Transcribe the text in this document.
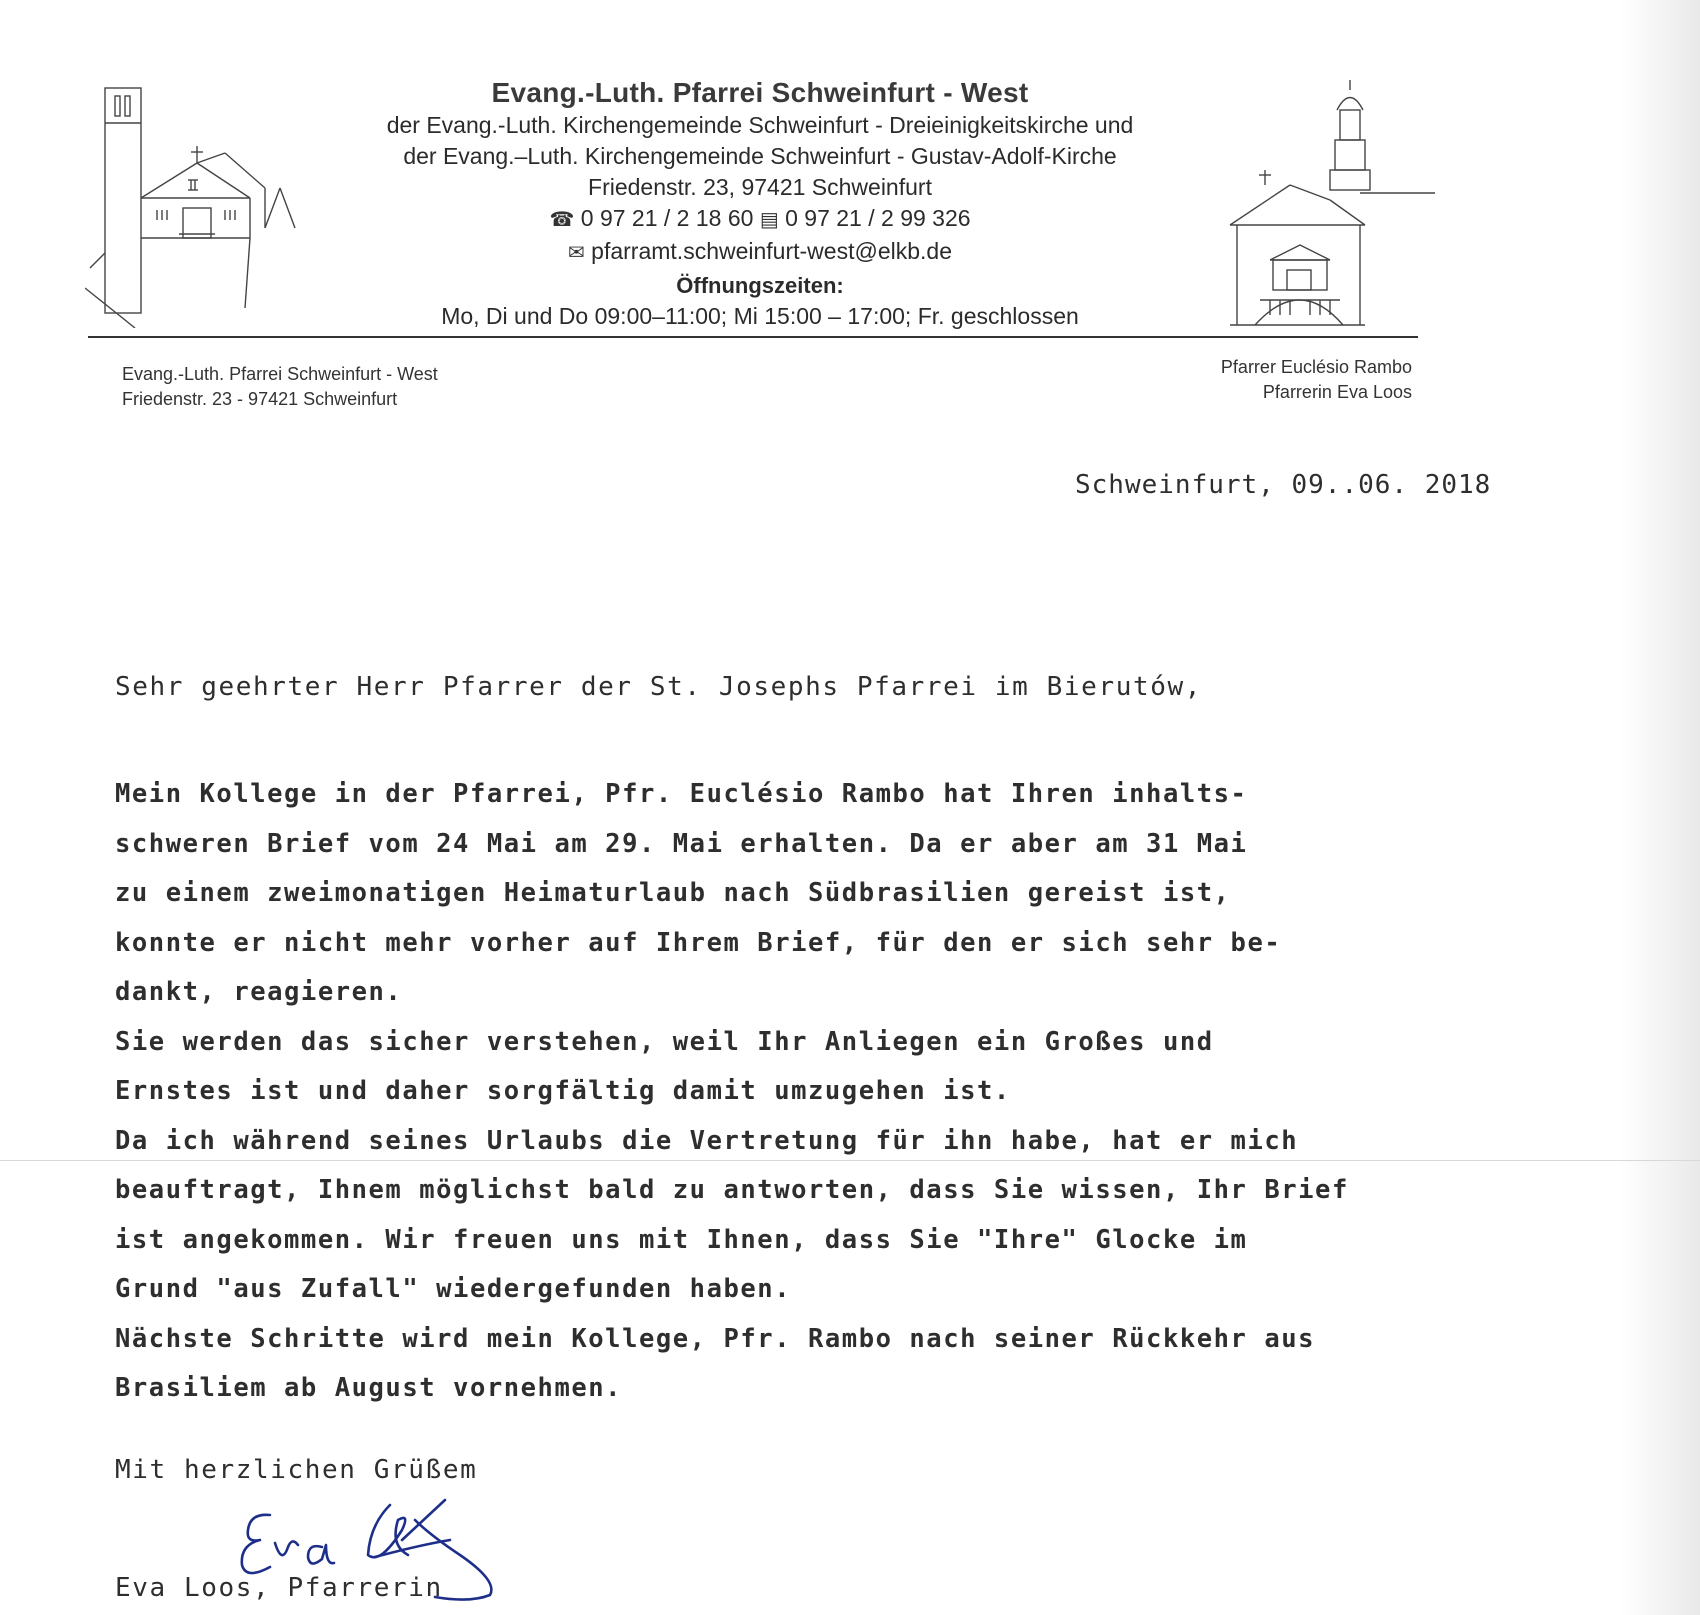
Evang.-Luth. Pfarrei Schweinfurt - West
der Evang.-Luth. Kirchengemeinde Schweinfurt - Dreieinigkeitskirche und
der Evang.–Luth. Kirchengemeinde Schweinfurt - Gustav-Adolf-Kirche
Friedenstr. 23, 97421 Schweinfurt
☎ 0 97 21 / 2 18 60 ▤ 0 97 21 / 2 99 326
✉ pfarramt.schweinfurt-west@elkb.de
Öffnungszeiten:
Mo, Di und Do 09:00–11:00; Mi 15:00 – 17:00; Fr. geschlossen
Evang.-Luth. Pfarrei Schweinfurt - West
Friedenstr. 23 - 97421 Schweinfurt
Pfarrer Euclésio Rambo
Pfarrerin Eva Loos
Schweinfurt, 09..06. 2018
Sehr geehrter Herr Pfarrer der St. Josephs Pfarrei im Bierutów,
Mein Kollege in der Pfarrei, Pfr. Euclésio Rambo hat Ihren inhalts-
schweren Brief vom 24 Mai am 29. Mai erhalten. Da er aber am 31 Mai
zu einem zweimonatigen Heimaturlaub nach Südbrasilien gereist ist,
konnte er nicht mehr vorher auf Ihrem Brief, für den er sich sehr be-
dankt, reagieren.
Sie werden das sicher verstehen, weil Ihr Anliegen ein Großes und
Ernstes ist und daher sorgfältig damit umzugehen ist.
Da ich während seines Urlaubs die Vertretung für ihn habe, hat er mich
beauftragt, Ihnem möglichst bald zu antworten, dass Sie wissen, Ihr Brief
ist angekommen. Wir freuen uns mit Ihnen, dass Sie "Ihre" Glocke im
Grund "aus Zufall" wiedergefunden haben.
Nächste Schritte wird mein Kollege, Pfr. Rambo nach seiner Rückkehr aus
Brasiliem ab August vornehmen.
Mit herzlichen Grüßem
Eva Loos, Pfarrerin
